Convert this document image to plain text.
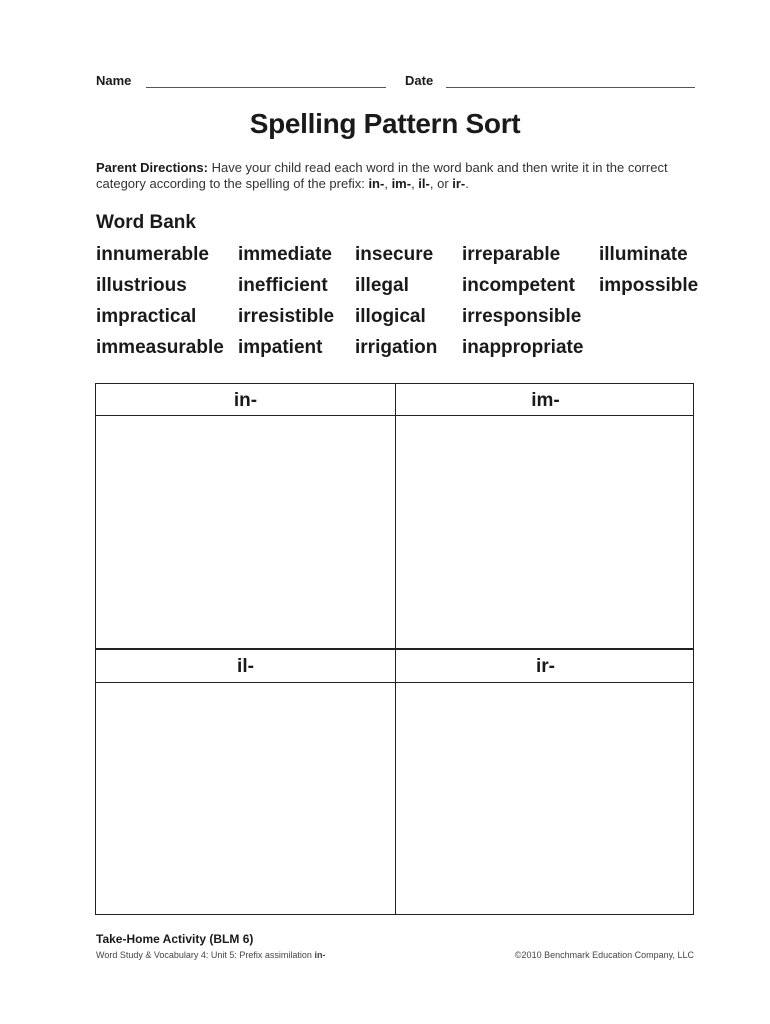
Name	Date
Spelling Pattern Sort
Parent Directions: Have your child read each word in the word bank and then write it in the correct category according to the spelling of the prefix: in-, im-, il-, or ir-.
Word Bank
innumerable immediate insecure irreparable illuminate
illustrious	inefficient illegal	incompetent impossible
impractical irresistible illogical irresponsible
immeasurable impatient irrigation inappropriate
in-	im-
il-	ir-
Take-Home Activity (BLM 6)
Word Study & Vocabulary 4: Unit 5: Prefix assimilation in-	©2010 Benchmark Education Company, LLC
